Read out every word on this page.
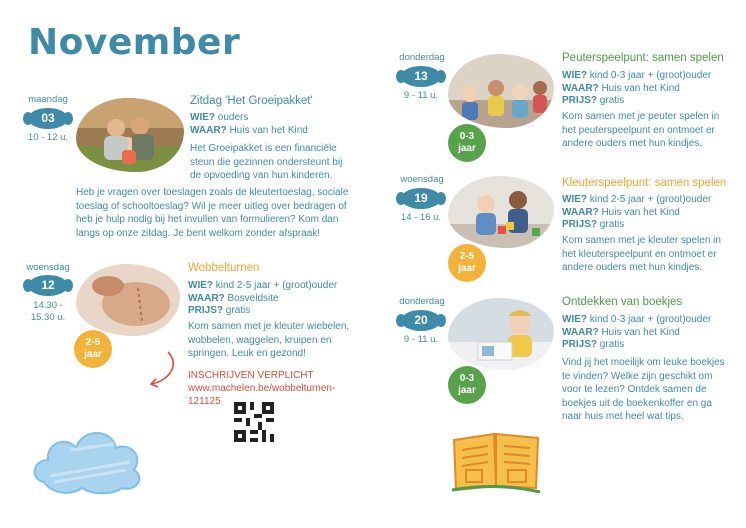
November
maandag
03
10 - 12 u.
Zitdag 'Het Groeipakket'
WIE? ouders
WAAR? Huis van het Kind
Het Groeipakket is een financiële steun die gezinnen ondersteunt bij de opvoeding van hun kinderen.
Heb je vragen over toeslagen zoals de kleutertoeslag, sociale toeslag of schooltoeslag? Wil je meer uitleg over bedragen of heb je hulp nodig bij het invullen van formulieren? Kom dan langs op onze zitdag. Je bent welkom zonder afspraak!
woensdag
12
14.30 -
15.30 u.
2-5
jaar
Wobbelturnen
WIE? kind 2-5 jaar + (groot)ouder
WAAR? Bosveldsite
PRIJS? gratis
Kom samen met je kleuter wiebelen, wobbelen, waggelen, kruipen en springen. Leuk en gezond!
INSCHRIJVEN VERPLICHT
www.machelen.be/wobbelturnen-
121125
donderdag
13
9 - 11 u.
0-3
jaar
Peuterspeelpunt: samen spelen
WIE? kind 0-3 jaar + (groot)ouder
WAAR? Huis van het Kind
PRIJS? gratis
Kom samen met je peuter spelen in het peuterspeelpunt en ontmoet er andere ouders met hun kindjes.
woensdag
19
14 - 16 u.
2-5
jaar
Kleuterspeelpunt: samen spelen
WIE? kind 2-5 jaar + (groot)ouder
WAAR? Huis van het Kind
PRIJS? gratis
Kom samen met je kleuter spelen in het kleuterspeelpunt en ontmoet er andere ouders met hun kindjes.
donderdag
20
9 - 11 u.
0-3
jaar
Ontdekken van boekjes
WIE? kind 0-3 jaar + (groot)ouder
WAAR? Huis van het Kind
PRIJS? gratis
Vind jij het moeilijk om leuke boekjes te vinden? Welke zijn geschikt om voor te lezen? Ontdek samen de boekjes uit de boekenkoffer en ga naar huis met heel wat tips.
